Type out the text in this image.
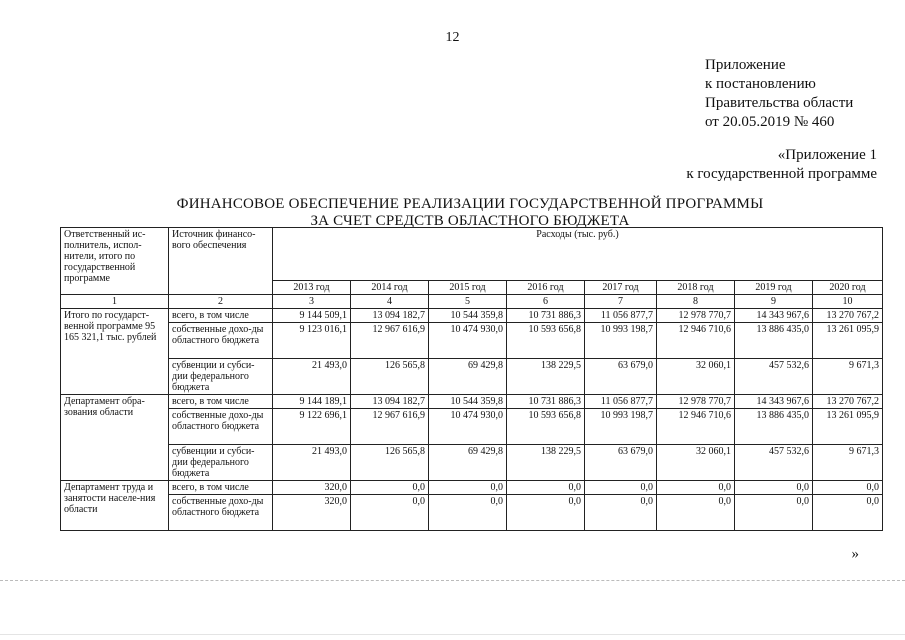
12
Приложение
к постановлению
Правительства области
от 20.05.2019 № 460
«Приложение 1
к государственной программе
ФИНАНСОВОЕ ОБЕСПЕЧЕНИЕ РЕАЛИЗАЦИИ ГОСУДАРСТВЕННОЙ ПРОГРАММЫ
ЗА СЧЕТ СРЕДСТВ ОБЛАСТНОГО БЮДЖЕТА
Ответственный ис-полнитель, испол-нители, итого по государственной программе	Источник финансо-вого обеспечения	Расходы (тыс. руб.)							
		2013 год	2014 год	2015 год	2016 год	2017 год	2018 год	2019 год	2020 год
1	2	3	4	5	6	7	8	9	10
Итого по государст-венной программе 95 165 321,1 тыс. рублей	всего, в том числе	9 144 509,1	13 094 182,7	10 544 359,8	10 731 886,3	11 056 877,7	12 978 770,7	14 343 967,6	13 270 767,2
	собственные дохо-ды областного бюджета	9 123 016,1	12 967 616,9	10 474 930,0	10 593 656,8	10 993 198,7	12 946 710,6	13 886 435,0	13 261 095,9
	субвенции и субси-дии федерального бюджета	21 493,0	126 565,8	69 429,8	138 229,5	63 679,0	32 060,1	457 532,6	9 671,3
Департамент обра-зования области	всего, в том числе	9 144 189,1	13 094 182,7	10 544 359,8	10 731 886,3	11 056 877,7	12 978 770,7	14 343 967,6	13 270 767,2
	собственные дохо-ды областного бюджета	9 122 696,1	12 967 616,9	10 474 930,0	10 593 656,8	10 993 198,7	12 946 710,6	13 886 435,0	13 261 095,9
	субвенции и субси-дии федерального бюджета	21 493,0	126 565,8	69 429,8	138 229,5	63 679,0	32 060,1	457 532,6	9 671,3
Департамент труда и занятости населе-ния области	всего, в том числе	320,0	0,0	0,0	0,0	0,0	0,0	0,0	0,0
	собственные дохо-ды областного бюджета	320,0	0,0	0,0	0,0	0,0	0,0	0,0	0,0
»
